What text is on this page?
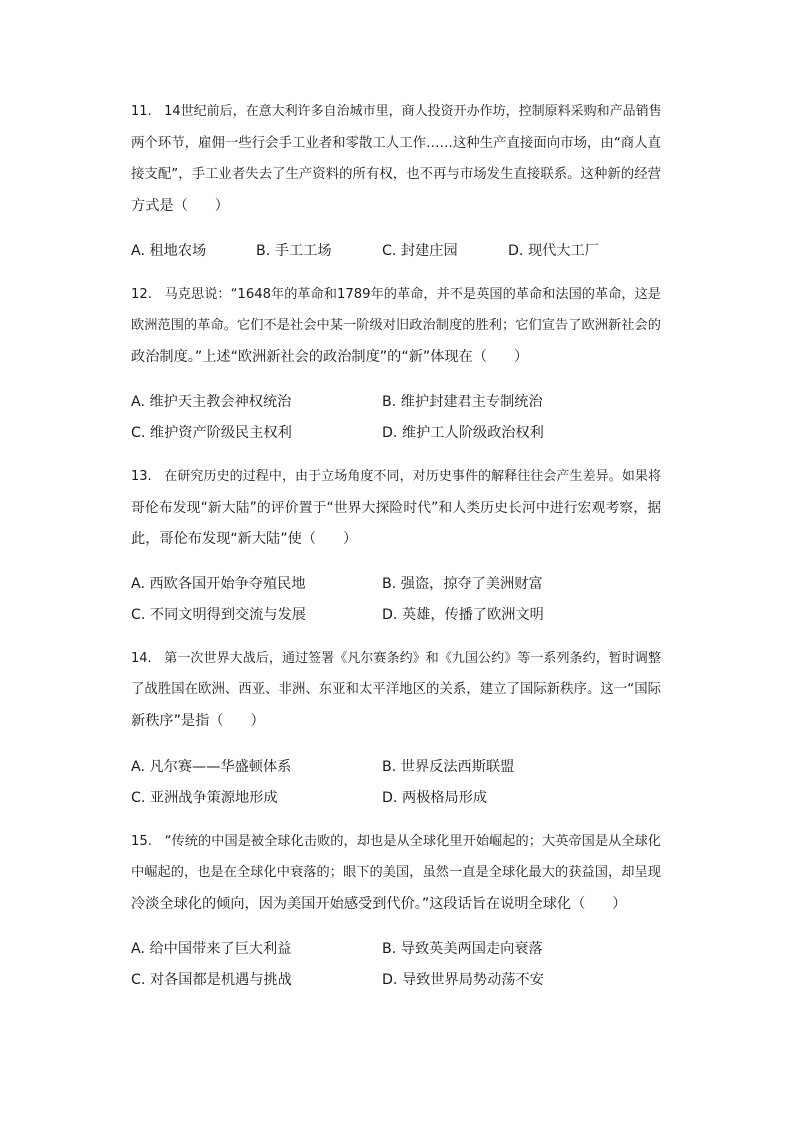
11.   14世纪前后，在意大利许多自治城市里，商人投资开办作坊，控制原料采购和产品销售
两个环节，雇佣一些行会手工业者和零散工人工作……这种生产直接面向市场，由“商人直
接支配”，手工业者失去了生产资料的所有权，也不再与市场发生直接联系。这种新的经营
方式是（      ）
A. 租地农场	B. 手工工场	C. 封建庄园	D. 现代大工厂
12.   马克思说：“1648年的革命和1789年的革命，并不是英国的革命和法国的革命，这是
欧洲范围的革命。它们不是社会中某一阶级对旧政治制度的胜利；它们宣告了欧洲新社会的
政治制度。”上述“欧洲新社会的政治制度”的“新”体现在（      ）
A. 维护天主教会神权统治	B. 维护封建君主专制统治
C. 维护资产阶级民主权利	D. 维护工人阶级政治权利
13.   在研究历史的过程中，由于立场角度不同，对历史事件的解释往往会产生差异。如果将
哥伦布发现“新大陆”的评价置于“世界大探险时代”和人类历史长河中进行宏观考察，据
此，哥伦布发现“新大陆”使（      ）
A. 西欧各国开始争夺殖民地	B. 强盗，掠夺了美洲财富
C. 不同文明得到交流与发展	D. 英雄，传播了欧洲文明
14.   第一次世界大战后，通过签署《凡尔赛条约》和《九国公约》等一系列条约，暂时调整
了战胜国在欧洲、西亚、非洲、东亚和太平洋地区的关系，建立了国际新秩序。这一“国际
新秩序”是指（      ）
A. 凡尔赛——华盛顿体系	B. 世界反法西斯联盟
C. 亚洲战争策源地形成	D. 两极格局形成
15.   “传统的中国是被全球化击败的，却也是从全球化里开始崛起的；大英帝国是从全球化
中崛起的，也是在全球化中衰落的；眼下的美国，虽然一直是全球化最大的获益国，却呈现
冷淡全球化的倾向，因为美国开始感受到代价。”这段话旨在说明全球化（      ）
A. 给中国带来了巨大利益	B. 导致英美两国走向衰落
C. 对各国都是机遇与挑战	D. 导致世界局势动荡不安
